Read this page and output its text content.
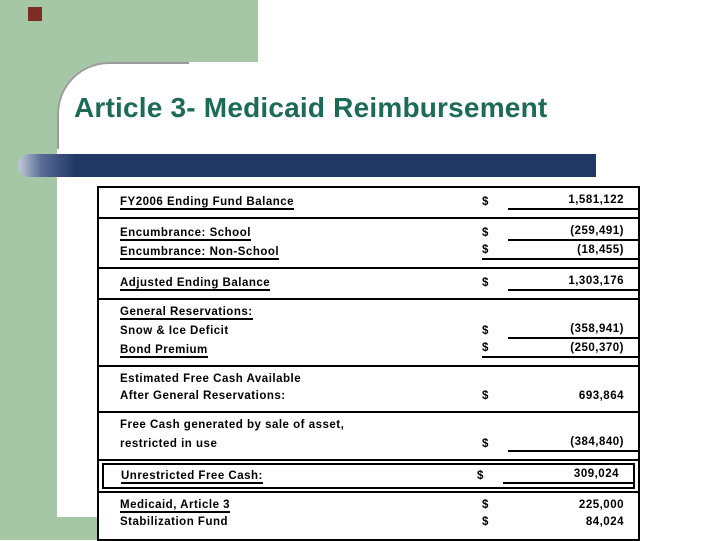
Article 3- Medicaid Reimbursement
FY2006 Ending Fund Balance	$	1,581,122
Encumbrance: School	$	(259,491)
Encumbrance: Non-School	$	(18,455)
Adjusted Ending Balance	$	1,303,176
General Reservations:
Snow & Ice Deficit	$	(358,941)
Bond Premium	$	(250,370)
Estimated Free Cash Available
After General Reservations:	$	693,864
Free Cash generated by sale of asset,
restricted in use	$	(384,840)
Unrestricted Free Cash:	$	309,024
Medicaid, Article 3	$	225,000
Stabilization Fund	$	84,024
